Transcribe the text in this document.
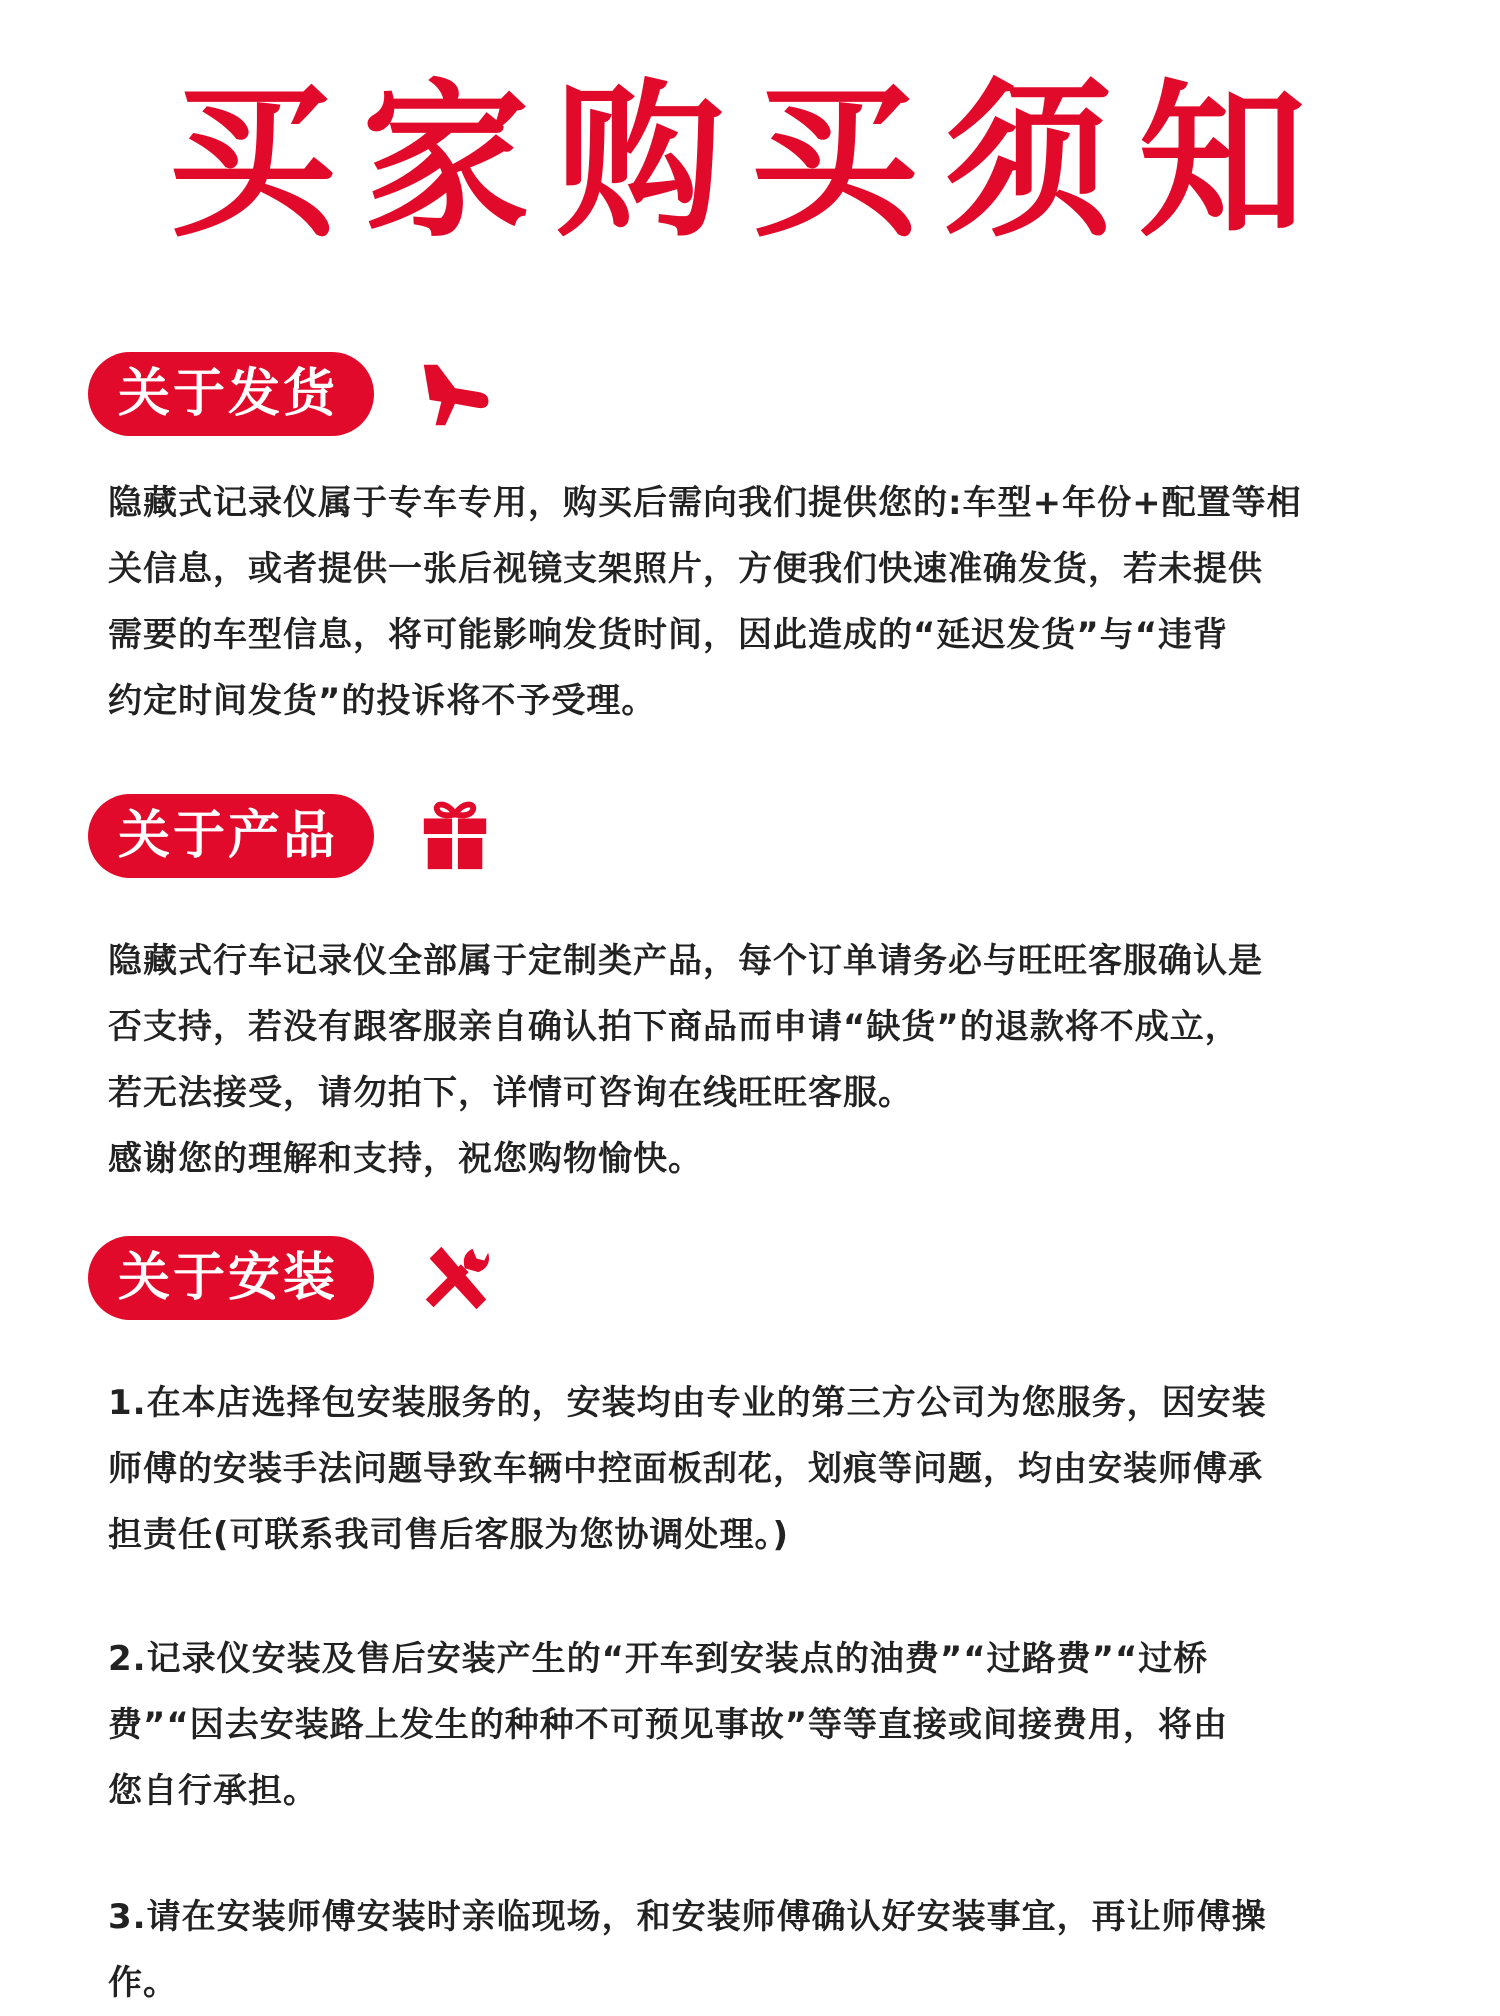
买家购买须知
关于发货
隐藏式记录仪属于专车专用，购买后需向我们提供您的:车型+年份+配置等相
关信息，或者提供一张后视镜支架照片，方便我们快速准确发货，若未提供
需要的车型信息，将可能影响发货时间，因此造成的“延迟发货”与“违背
约定时间发货”的投诉将不予受理。
关于产品
隐藏式行车记录仪全部属于定制类产品，每个订单请务必与旺旺客服确认是
否支持，若没有跟客服亲自确认拍下商品而申请“缺货”的退款将不成立，
若无法接受，请勿拍下，详情可咨询在线旺旺客服。
感谢您的理解和支持，祝您购物愉快。
关于安装
1.在本店选择包安装服务的，安装均由专业的第三方公司为您服务，因安装
师傅的安装手法问题导致车辆中控面板刮花，划痕等问题，均由安装师傅承
担责任(可联系我司售后客服为您协调处理。)
2.记录仪安装及售后安装产生的“开车到安装点的油费”“过路费”“过桥
费”“因去安装路上发生的种种不可预见事故”等等直接或间接费用，将由
您自行承担。
3.请在安装师傅安装时亲临现场，和安装师傅确认好安装事宜，再让师傅操
作。
